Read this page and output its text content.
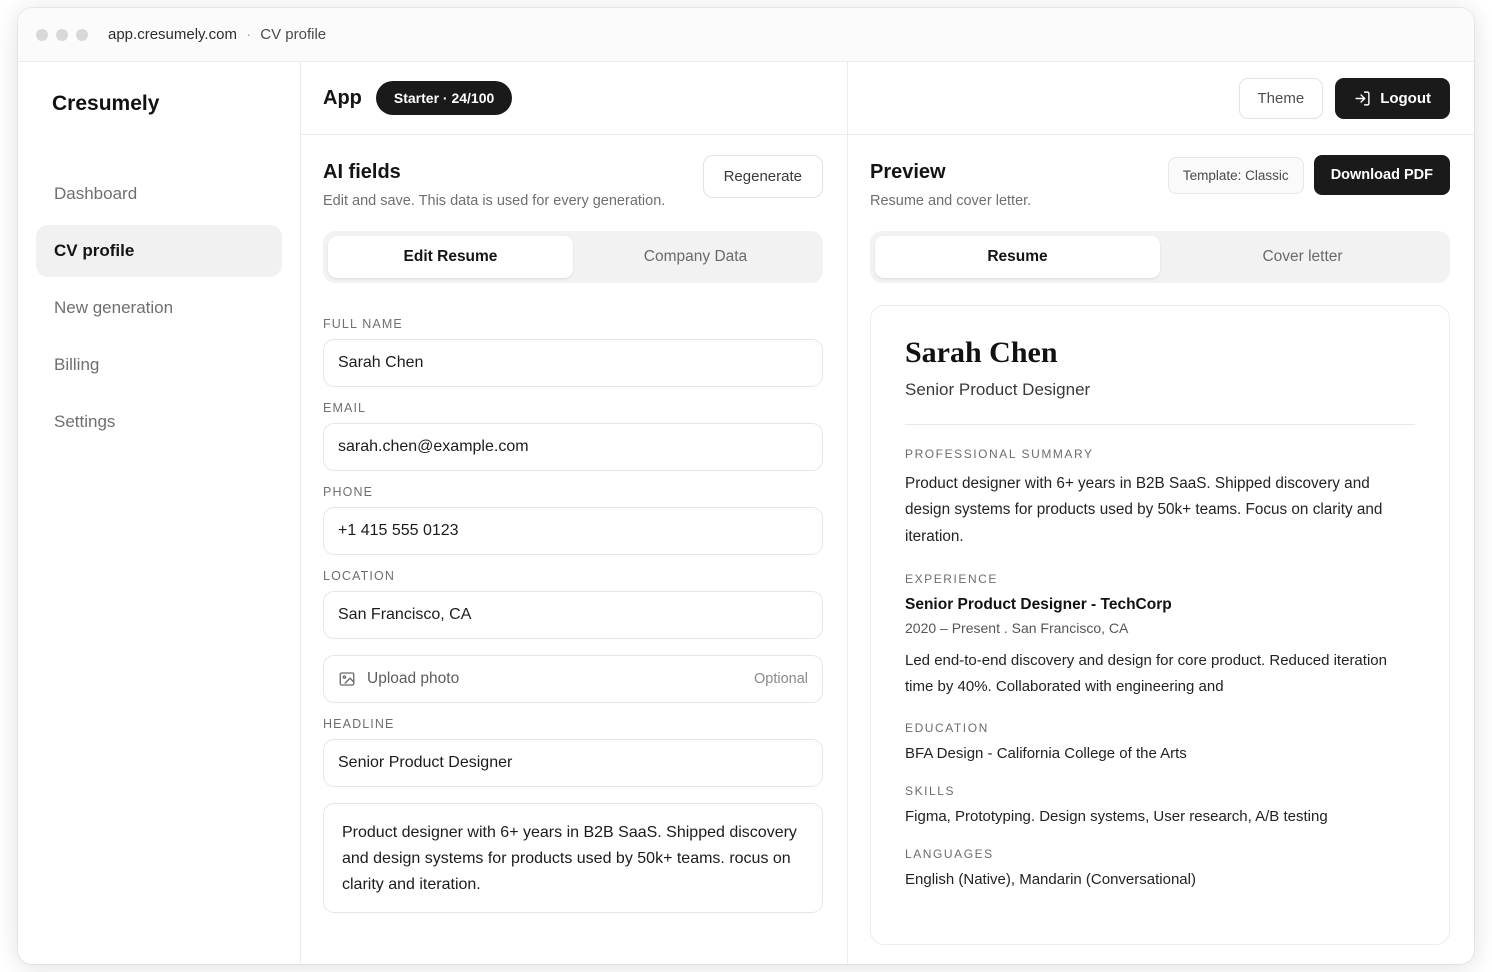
app.cresumely.com · CV profile
Cresumely
Dashboard
CV profile
New generation
Billing
Settings
App	Starter · 24/100
AI fields
Edit and save. This data is used for every generation.
Regenerate
Edit Resume	Company Data
FULL NAME
Sarah Chen
EMAIL
sarah.chen@example.com
PHONE
+1 415 555 0123
LOCATION
San Francisco, CA
Upload photo	Optional
HEADLINE
Senior Product Designer
Product designer with 6+ years in B2B SaaS. Shipped discovery and design systems for products used by 50k+ teams. rocus on clarity and iteration.
Theme	Logout
Preview
Resume and cover letter.
Template: Classic	Download PDF
Resume	Cover letter
Sarah Chen
Senior Product Designer
PROFESSIONAL SUMMARY
Product designer with 6+ years in B2B SaaS. Shipped discovery and design systems for products used by 50k+ teams. Focus on clarity and iteration.
EXPERIENCE
Senior Product Designer - TechCorp
2020 – Present . San Francisco, CA
Led end-to-end discovery and design for core product. Reduced iteration time by 40%. Collaborated with engineering and
EDUCATION
BFA Design - California College of the Arts
SKILLS
Figma, Prototyping. Design systems, User research, A/B testing
LANGUAGES
English (Native), Mandarin (Conversational)
